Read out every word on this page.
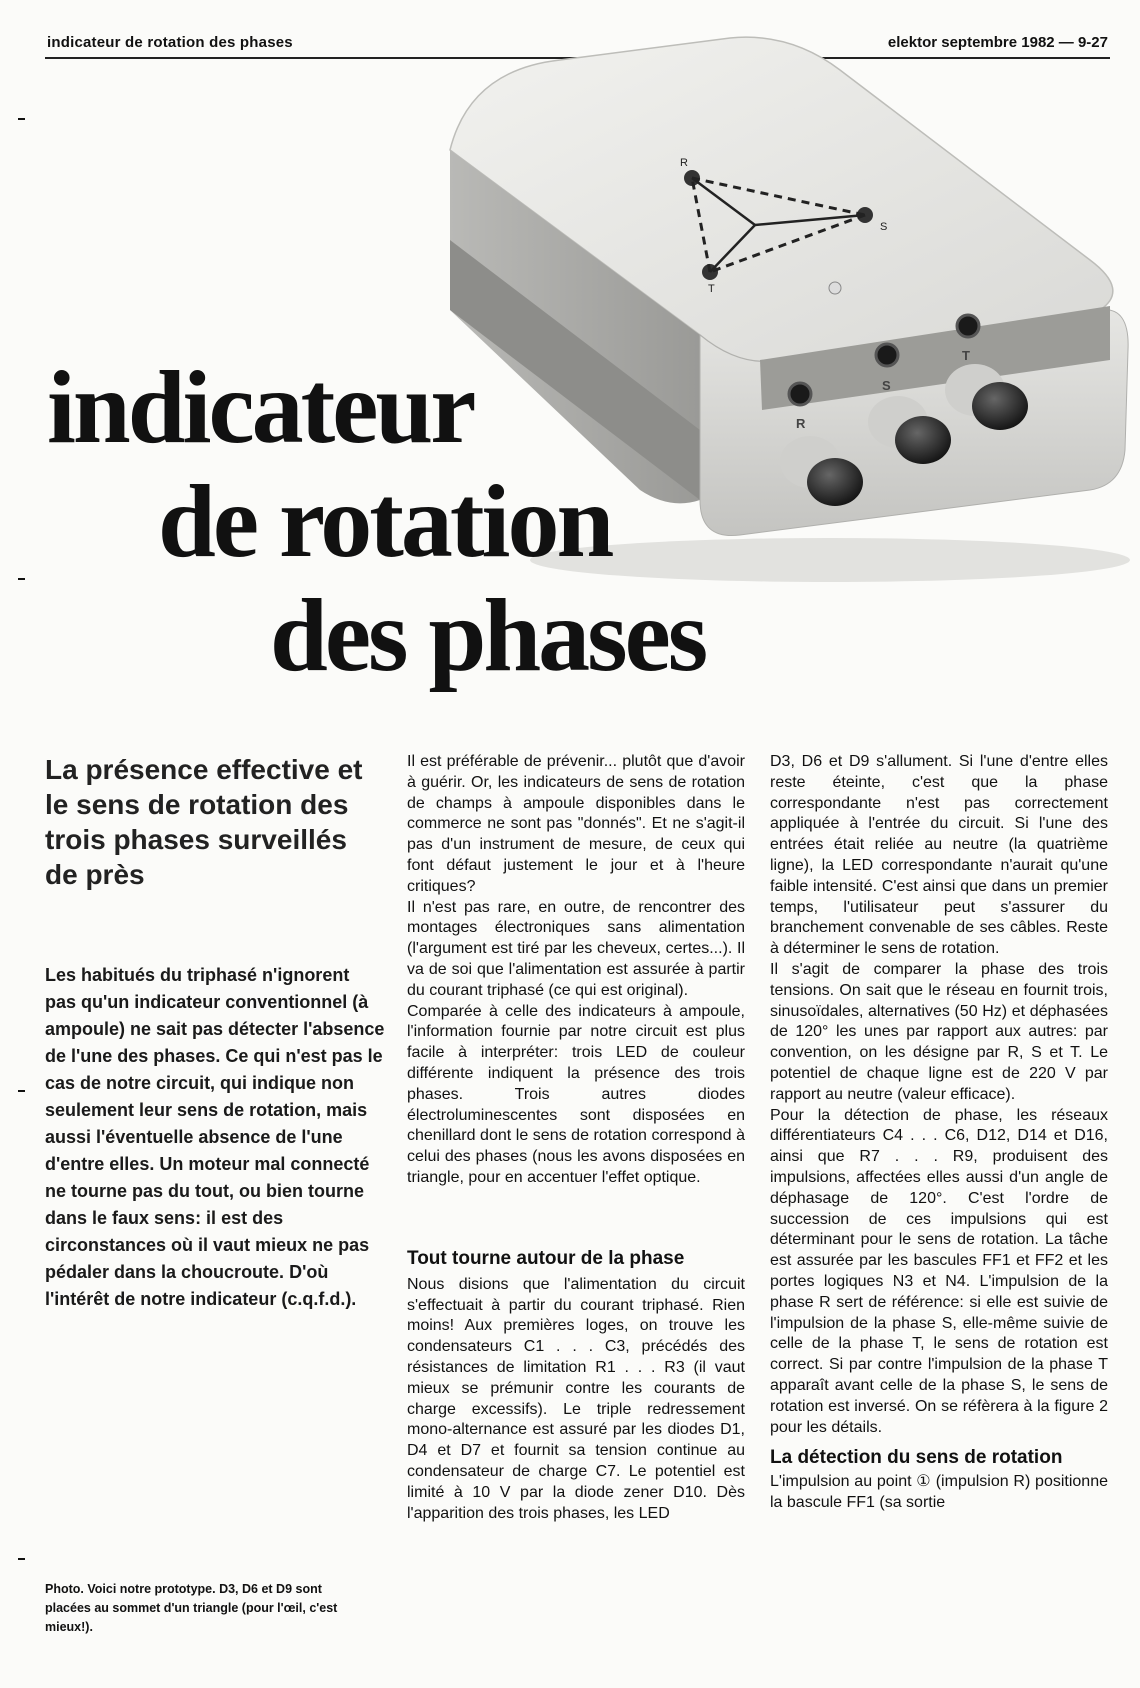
indicateur de rotation des phases	elektor septembre 1982 — 9-27
R
S
T
R
S
T
indicateur
de rotation
des phases
La présence effective et le sens de rotation des trois phases surveillés de près
Les habitués du triphasé n'ignorent pas qu'un indicateur conventionnel (à ampoule) ne sait pas détecter l'absence de l'une des phases. Ce qui n'est pas le cas de notre circuit, qui indique non seulement leur sens de rotation, mais aussi l'éventuelle absence de l'une d'entre elles. Un moteur mal connecté ne tourne pas du tout, ou bien tourne dans le faux sens: il est des circonstances où il vaut mieux ne pas pédaler dans la choucroute. D'où l'intérêt de notre indicateur (c.q.f.d.).
Photo. Voici notre prototype. D3, D6 et D9 sont placées au sommet d'un triangle (pour l'œil, c'est mieux!).

Il est préférable de prévenir... plutôt que d'avoir à guérir. Or, les indicateurs de sens de rotation de champs à ampoule disponibles dans le commerce ne sont pas "donnés". Et ne s'agit-il pas d'un instrument de mesure, de ceux qui font défaut justement le jour et à l'heure critiques?

Il n'est pas rare, en outre, de rencontrer des montages électroniques sans alimentation (l'argument est tiré par les cheveux, certes...). Il va de soi que l'alimentation est assurée à partir du courant triphasé (ce qui est original).

Comparée à celle des indicateurs à ampoule, l'information fournie par notre circuit est plus facile à interpréter: trois LED de couleur différente indiquent la présence des trois phases. Trois autres diodes électroluminescentes sont disposées en chenillard dont le sens de rotation correspond à celui des phases (nous les avons disposées en triangle, pour en accentuer l'effet optique.

Tout tourne autour de la phase

Nous disions que l'alimentation du circuit s'effectuait à partir du courant triphasé. Rien moins! Aux premières loges, on trouve les condensateurs C1 . . . C3, précédés des résistances de limitation R1 . . . R3 (il vaut mieux se prémunir contre les courants de charge excessifs). Le triple redressement mono-alternance est assuré par les diodes D1, D4 et D7 et fournit sa tension continue au condensateur de charge C7. Le potentiel est limité à 10 V par la diode zener D10. Dès l'apparition des trois phases, les LED

D3, D6 et D9 s'allument. Si l'une d'entre elles reste éteinte, c'est que la phase correspondante n'est pas correctement appliquée à l'entrée du circuit. Si l'une des entrées était reliée au neutre (la quatrième ligne), la LED correspondante n'aurait qu'une faible intensité. C'est ainsi que dans un premier temps, l'utilisateur peut s'assurer du branchement convenable de ses câbles. Reste à déterminer le sens de rotation.

Il s'agit de comparer la phase des trois tensions. On sait que le réseau en fournit trois, sinusoïdales, alternatives (50 Hz) et déphasées de 120° les unes par rapport aux autres: par convention, on les désigne par R, S et T. Le potentiel de chaque ligne est de 220 V par rapport au neutre (valeur efficace).

Pour la détection de phase, les réseaux différentiateurs C4 . . . C6, D12, D14 et D16, ainsi que R7 . . . R9, produisent des impulsions, affectées elles aussi d'un angle de déphasage de 120°. C'est l'ordre de succession de ces impulsions qui est déterminant pour le sens de rotation. La tâche est assurée par les bascules FF1 et FF2 et les portes logiques N3 et N4. L'impulsion de la phase R sert de référence: si elle est suivie de l'impulsion de la phase S, elle-même suivie de celle de la phase T, le sens de rotation est correct. Si par contre l'impulsion de la phase T apparaît avant celle de la phase S, le sens de rotation est inversé. On se réfèrera à la figure 2 pour les détails.

La détection du sens de rotation

L'impulsion au point ① (impulsion R) positionne la bascule FF1 (sa sortie
